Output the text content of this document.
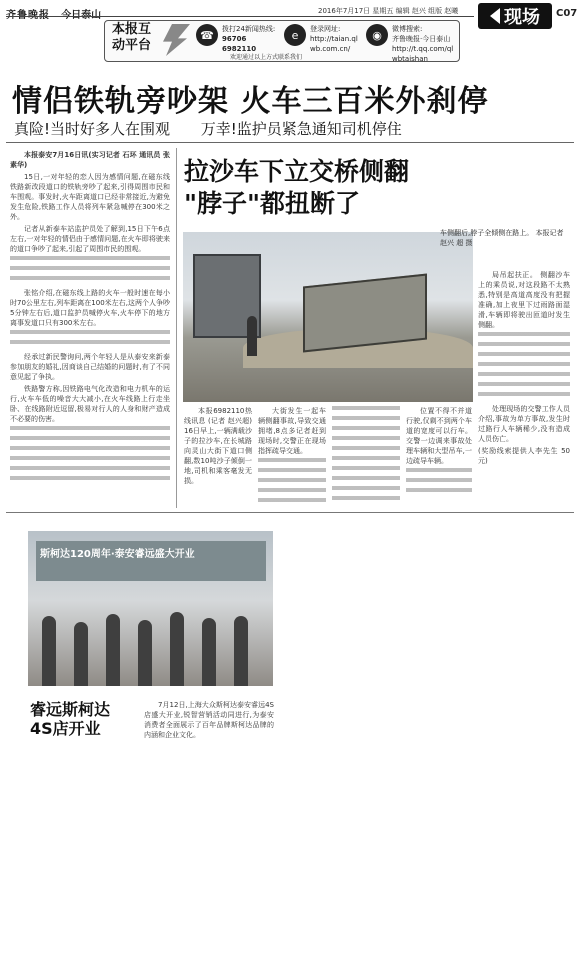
2016年7月17日 星期五 编辑 赵兴 组版 赵曦	现场 C07
本报互动平台
☎	拨打24新闻热线:
96706 6982110
e	登录网址:
http://taian.qlwb.com.cn/
◉	微博搜索:
齐鲁晚报·今日泰山 http://t.qq.com/qlwbtaishan
欢迎通过以上方式联系我们
情侣铁轨旁吵架 火车三百米外刹停
真险!当时好多人在围观 万幸!监护员紧急通知司机停住

本报泰安7月16日讯(实习记者 石环 通讯员 张素华)

15日,一对年轻的恋人因为感情问题,在磁东线铁路新改段道口的铁轨旁吵了起来,引得周围市民和车围观。事发时,火车距离道口已经非常接近,为避免发生危险,铁路工作人员将列车紧急喊停在300米之外。

记者从新泰车站监护员处了解到,15日下午6点左右,一对年轻的情侣由于感情问题,在火车即将驶来的道口争吵了起来,引起了周围市民的围观。

张铭介绍,在磁东线上路的火车一般时速在每小时70公里左右,列车距离在100米左右,这两个人争吵5分钟左右后,道口监护员喊停火车,火车停下的地方离事发道口只有300米左右。

经承过新民警询问,两个年轻人是从泰安来新泰参加朋友的婚礼,因商谈自己结婚的问题时,有了不同意见起了争执。

铁路警方称,因铁路电气化改造和电力机车的运行,火车车低的噪音大大减小,在火车线路上行走坐卧、在线路附近逗留,极易对行人的人身和财产造成不必要的伤害。

拉沙车下立交桥侧翻
"脖子"都扭断了
车侧翻后,脖子全倾侧在路上。 本报记者 赵兴 超 摄

局吊起扶正。 侧翻沙车上的乘员说,对这段路不太熟悉,特别是高道高度没有把握准确,加上夜里下过雨路面湿滑,车辆即将驶出匝道时发生侧翻。

处理现场的交警工作人员介绍,事故为单方事故,发生时过路行人车辆稀少,没有造成人员伤亡。

(奖励线索提供人李先生 50元)

本报6982110热线讯息 (记者 赵兴超) 16日早上,一辆满载沙子的拉沙车,在长城路向灵山大街下道口侧翻,数10吨沙子倾倒一地,司机和乘客毫发无损。

大街发生一起车辆侧翻事故,导致交通拥堵,8点多记者赶到现场时,交警正在现场指挥疏导交通。

位置不得不并道行驶,仅剩不到两个车道的宽度可以行车。 交警一边调来事故处理车辆和大型吊车,一边疏导车辆。

斯柯达120周年·泰安睿远盛大开业
睿远斯柯达 4S店开业

7月12日,上海大众斯柯达泰安睿远4S店盛大开业,锐智营销活动同进行,为泰安消费者全面展示了百年品牌斯柯达品牌的内涵和企业文化。
